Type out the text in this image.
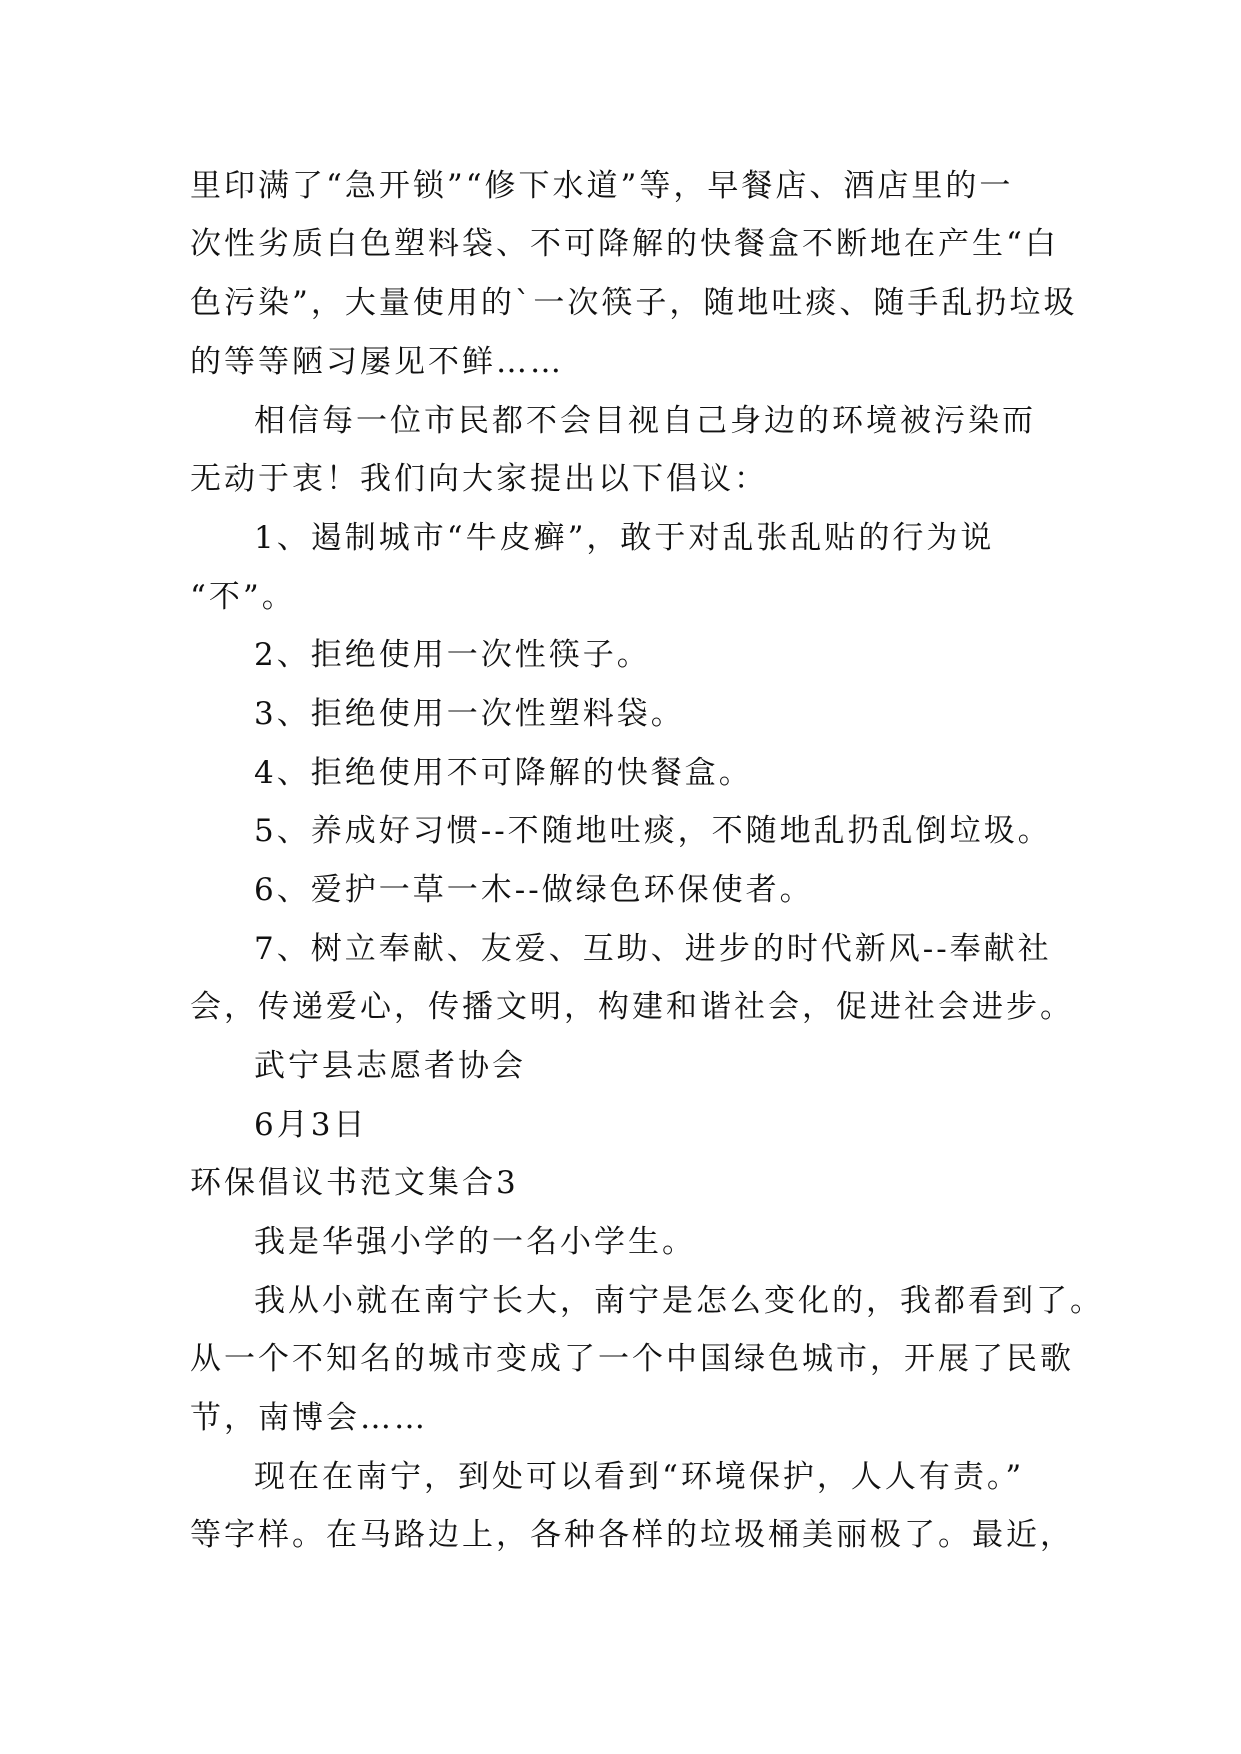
里印满了“急开锁”“修下水道”等，早餐店、酒店里的一
次性劣质白色塑料袋、不可降解的快餐盒不断地在产生“白
色污染”，大量使用的`一次筷子，随地吐痰、随手乱扔垃圾
的等等陋习屡见不鲜……
相信每一位市民都不会目视自己身边的环境被污染而
无动于衷！我们向大家提出以下倡议：
1、遏制城市“牛皮癣”，敢于对乱张乱贴的行为说
“不”。
2、拒绝使用一次性筷子。
3、拒绝使用一次性塑料袋。
4、拒绝使用不可降解的快餐盒。
5、养成好习惯--不随地吐痰，不随地乱扔乱倒垃圾。
6、爱护一草一木--做绿色环保使者。
7、树立奉献、友爱、互助、进步的时代新风--奉献社
会，传递爱心，传播文明，构建和谐社会，促进社会进步。
武宁县志愿者协会
6月3日
环保倡议书范文集合3
我是华强小学的一名小学生。
我从小就在南宁长大，南宁是怎么变化的，我都看到了。
从一个不知名的城市变成了一个中国绿色城市，开展了民歌
节，南博会……
现在在南宁，到处可以看到“环境保护，人人有责。”
等字样。在马路边上，各种各样的垃圾桶美丽极了。最近，
